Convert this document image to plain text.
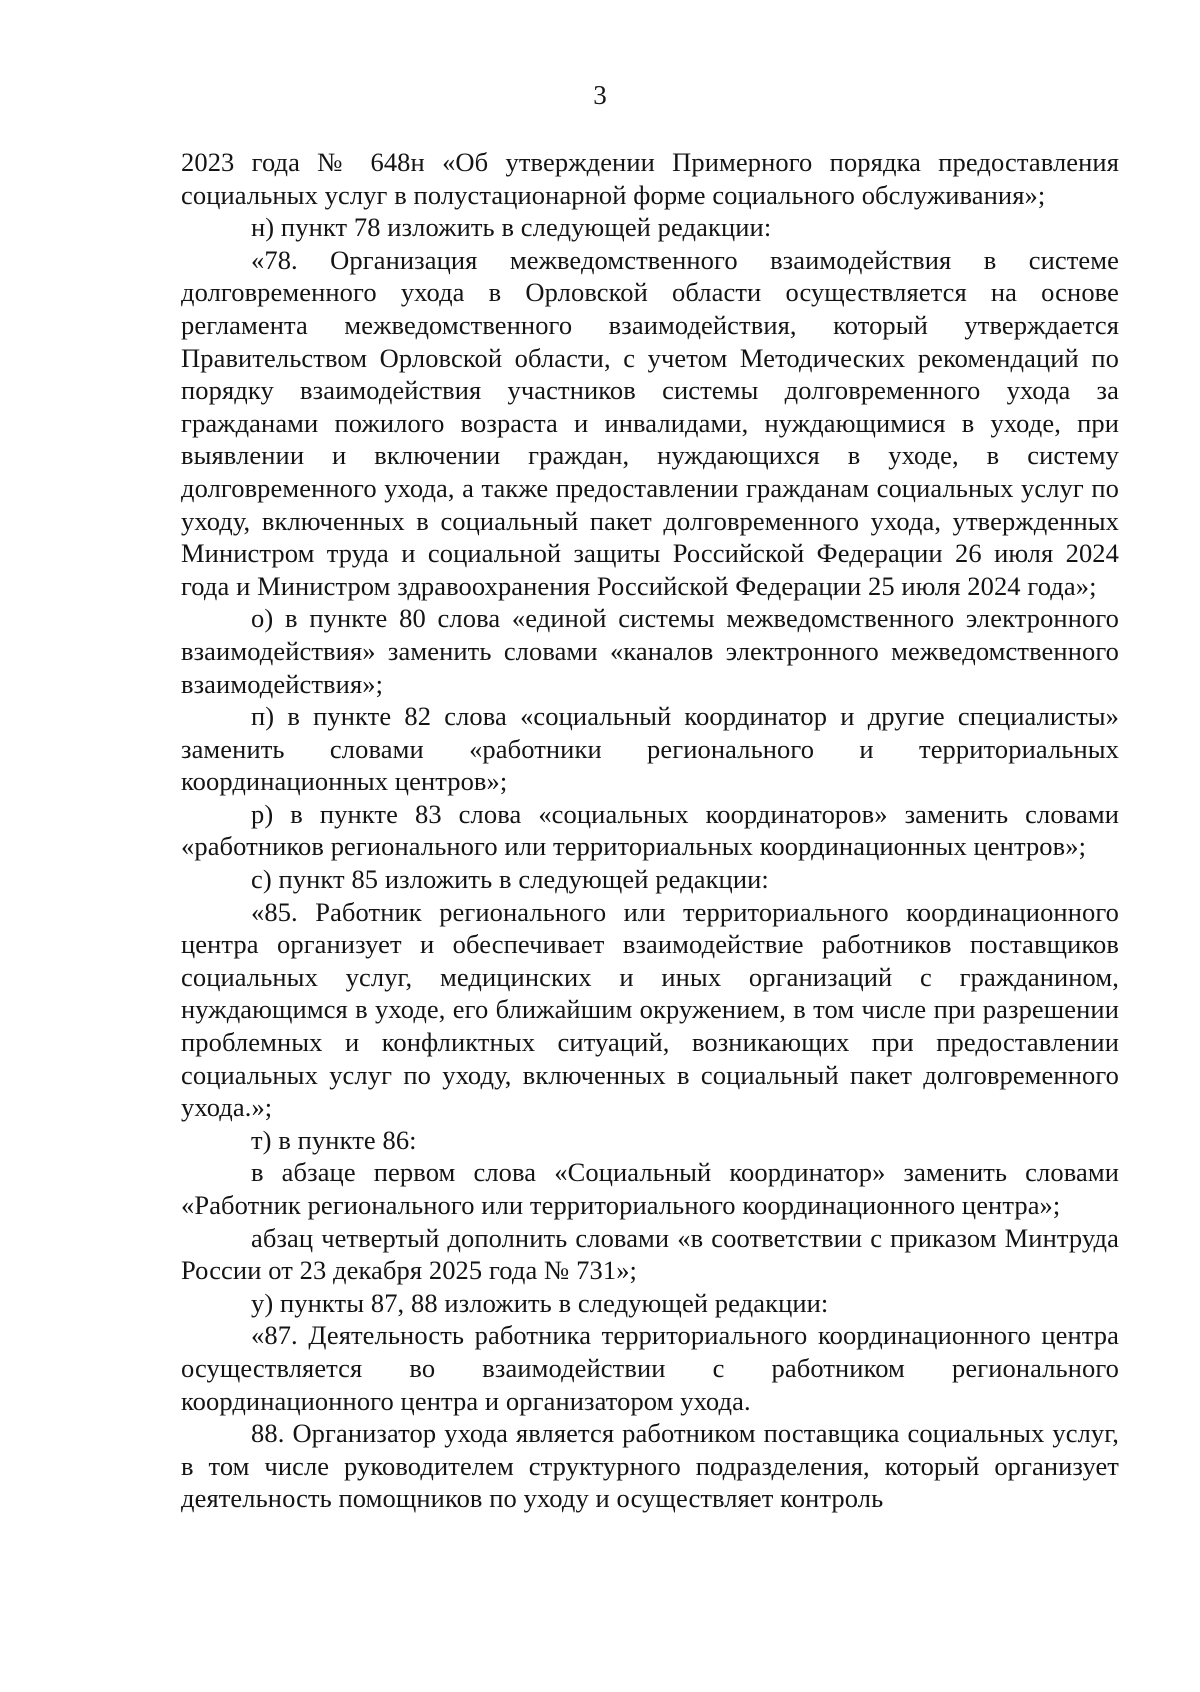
3

2023 года № 648н «Об утверждении Примерного порядка предоставления социальных услуг в полустационарной форме социального обслуживания»;

н) пункт 78 изложить в следующей редакции:

«78. Организация межведомственного взаимодействия в системе долговременного ухода в Орловской области осуществляется на основе регламента межведомственного взаимодействия, который утверждается Правительством Орловской области, с учетом Методических рекомендаций по порядку взаимодействия участников системы долговременного ухода за гражданами пожилого возраста и инвалидами, нуждающимися в уходе, при выявлении и включении граждан, нуждающихся в уходе, в систему долговременного ухода, а также предоставлении гражданам социальных услуг по уходу, включенных в социальный пакет долговременного ухода, утвержденных Министром труда и социальной защиты Российской Федерации 26 июля 2024 года и Министром здравоохранения Российской Федерации 25 июля 2024 года»;

о) в пункте 80 слова «единой системы межведомственного электронного взаимодействия» заменить словами «каналов электронного межведомственного взаимодействия»;

п) в пункте 82 слова «социальный координатор и другие специалисты» заменить словами «работники регионального и территориальных координационных центров»;

р) в пункте 83 слова «социальных координаторов» заменить словами «работников регионального или территориальных координационных центров»;

с) пункт 85 изложить в следующей редакции:

«85. Работник регионального или территориального координационного центра организует и обеспечивает взаимодействие работников поставщиков социальных услуг, медицинских и иных организаций с гражданином, нуждающимся в уходе, его ближайшим окружением, в том числе при разрешении проблемных и конфликтных ситуаций, возникающих при предоставлении социальных услуг по уходу, включенных в социальный пакет долговременного ухода.»;

т) в пункте 86:

в абзаце первом слова «Социальный координатор» заменить словами «Работник регионального или территориального координационного центра»;

абзац четвертый дополнить словами «в соответствии с приказом Минтруда России от 23 декабря 2025 года № 731»;

у) пункты 87, 88 изложить в следующей редакции:

«87. Деятельность работника территориального координационного центра осуществляется во взаимодействии с работником регионального координационного центра и организатором ухода.

88. Организатор ухода является работником поставщика социальных услуг, в том числе руководителем структурного подразделения, который организует деятельность помощников по уходу и осуществляет контроль
